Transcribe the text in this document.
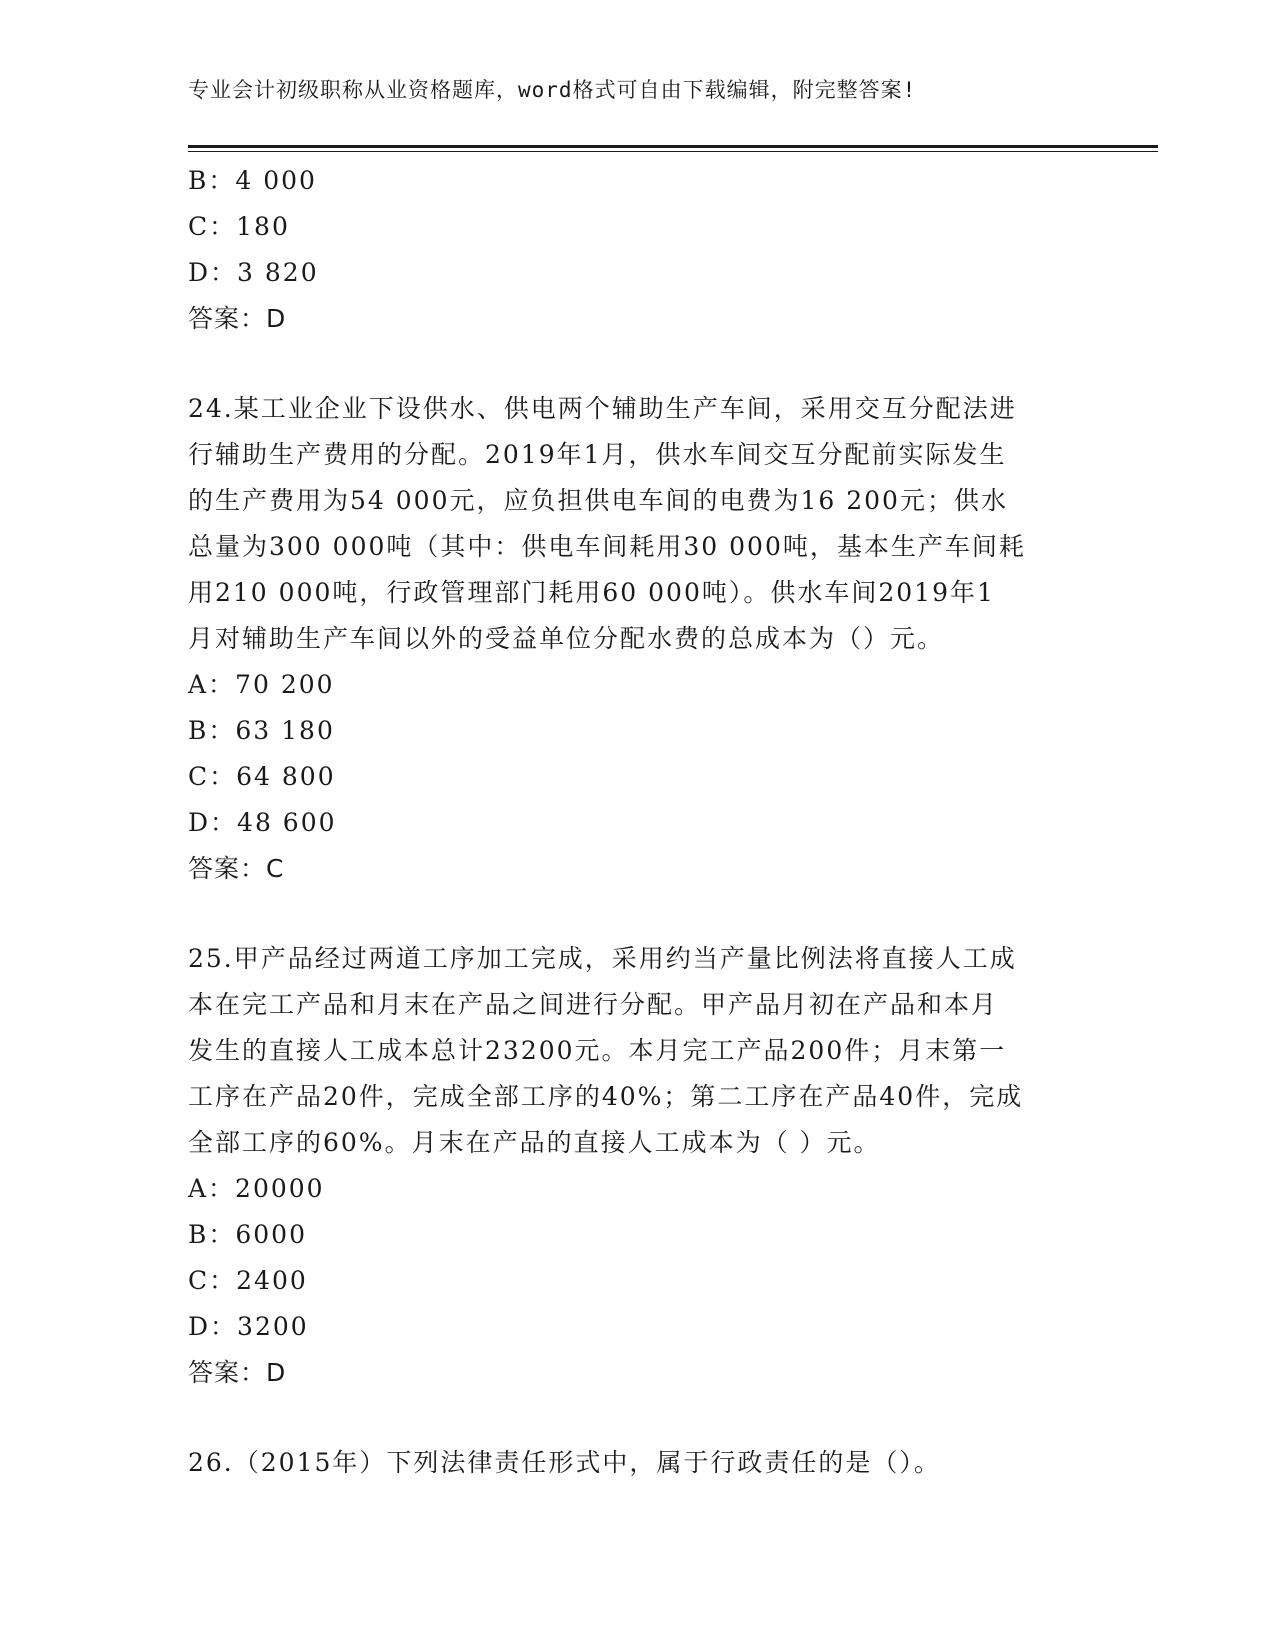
专业会计初级职称从业资格题库，word格式可自由下载编辑，附完整答案!
B：4 000
C：180
D：3 820
答案：D
24.某工业企业下设供水、供电两个辅助生产车间，采用交互分配法进
行辅助生产费用的分配。2019年1月，供水车间交互分配前实际发生
的生产费用为54 000元，应负担供电车间的电费为16 200元；供水
总量为300 000吨（其中：供电车间耗用30 000吨，基本生产车间耗
用210 000吨，行政管理部门耗用60 000吨）。供水车间2019年1
月对辅助生产车间以外的受益单位分配水费的总成本为（）元。
A：70 200
B：63 180
C：64 800
D：48 600
答案：C
25.甲产品经过两道工序加工完成，采用约当产量比例法将直接人工成
本在完工产品和月末在产品之间进行分配。甲产品月初在产品和本月
发生的直接人工成本总计23200元。本月完工产品200件；月末第一
工序在产品20件，完成全部工序的40%；第二工序在产品40件，完成
全部工序的60%。月末在产品的直接人工成本为（ ）元。
A：20000
B：6000
C：2400
D：3200
答案：D
26.（2015年）下列法律责任形式中，属于行政责任的是（）。
